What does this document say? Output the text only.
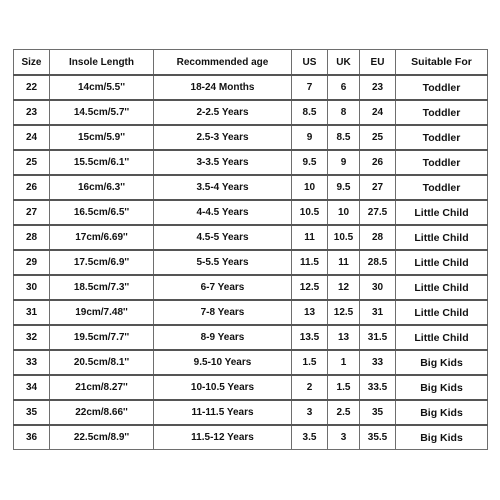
Size	Insole Length	Recommended age	US	UK	EU	Suitable For
22	14cm/5.5''	18-24 Months	7	6	23	Toddler
23	14.5cm/5.7''	2-2.5 Years	8.5	8	24	Toddler
24	15cm/5.9''	2.5-3 Years	9	8.5	25	Toddler
25	15.5cm/6.1''	3-3.5 Years	9.5	9	26	Toddler
26	16cm/6.3''	3.5-4 Years	10	9.5	27	Toddler
27	16.5cm/6.5''	4-4.5 Years	10.5	10	27.5	Little Child
28	17cm/6.69''	4.5-5 Years	11	10.5	28	Little Child
29	17.5cm/6.9''	5-5.5 Years	11.5	11	28.5	Little Child
30	18.5cm/7.3''	6-7 Years	12.5	12	30	Little Child
31	19cm/7.48''	7-8 Years	13	12.5	31	Little Child
32	19.5cm/7.7''	8-9 Years	13.5	13	31.5	Little Child
33	20.5cm/8.1''	9.5-10 Years	1.5	1	33	Big Kids
34	21cm/8.27''	10-10.5 Years	2	1.5	33.5	Big Kids
35	22cm/8.66''	11-11.5 Years	3	2.5	35	Big Kids
36	22.5cm/8.9''	11.5-12 Years	3.5	3	35.5	Big Kids
